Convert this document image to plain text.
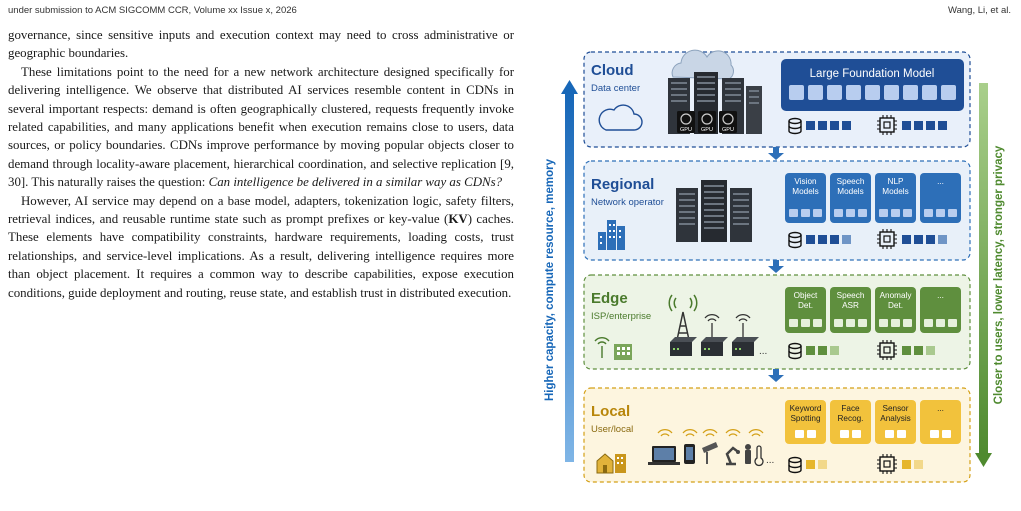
under submission to ACM SIGCOMM CCR, Volume xx Issue x, 2026	Wang, Li, et al.

governance, since sensitive inputs and execution context may need to cross administrative or geographic boundaries.

These limitations point to the need for a new network architecture designed specifically for delivering intelligence. We observe that distributed AI services resemble content in CDNs in several important respects: demand is often geographically clustered, requests frequently invoke related capabilities, and many applications benefit when execution remains close to users, data sources, or policy boundaries. CDNs improve performance by moving popular objects closer to demand through locality-aware placement, hierarchical coordination, and selective replication [9, 30]. This naturally raises the question: Can intelligence be delivered in a similar way as CDNs?

However, AI service may depend on a base model, adapters, tokenization logic, safety filters, retrieval indices, and reusable runtime state such as prompt prefixes or key-value (KV) caches. These elements have compatibility constraints, hardware requirements, loading costs, trust relationships, and service-level implications. As a result, delivering intelligence requires more than object placement. It requires a common way to describe capabilities, expose execution conditions, guide deployment and routing, reuse state, and establish trust in distributed execution.	Higher capacity, compute resource, memory	Closer to users, lower latency, stronger privacy
Cloud
Data center
GPU GPU GPU
Large Foundation Model
Regional
Network operator
Vision
Models
Speech
Models
NLP
Models
...
Edge
ISP/enterprise
...
Object
Det.
Speech
ASR
Anomaly
Det.
...
Local
User/local
...
Keyword
Spotting
Face
Recog.
Sensor
Analysis
...
